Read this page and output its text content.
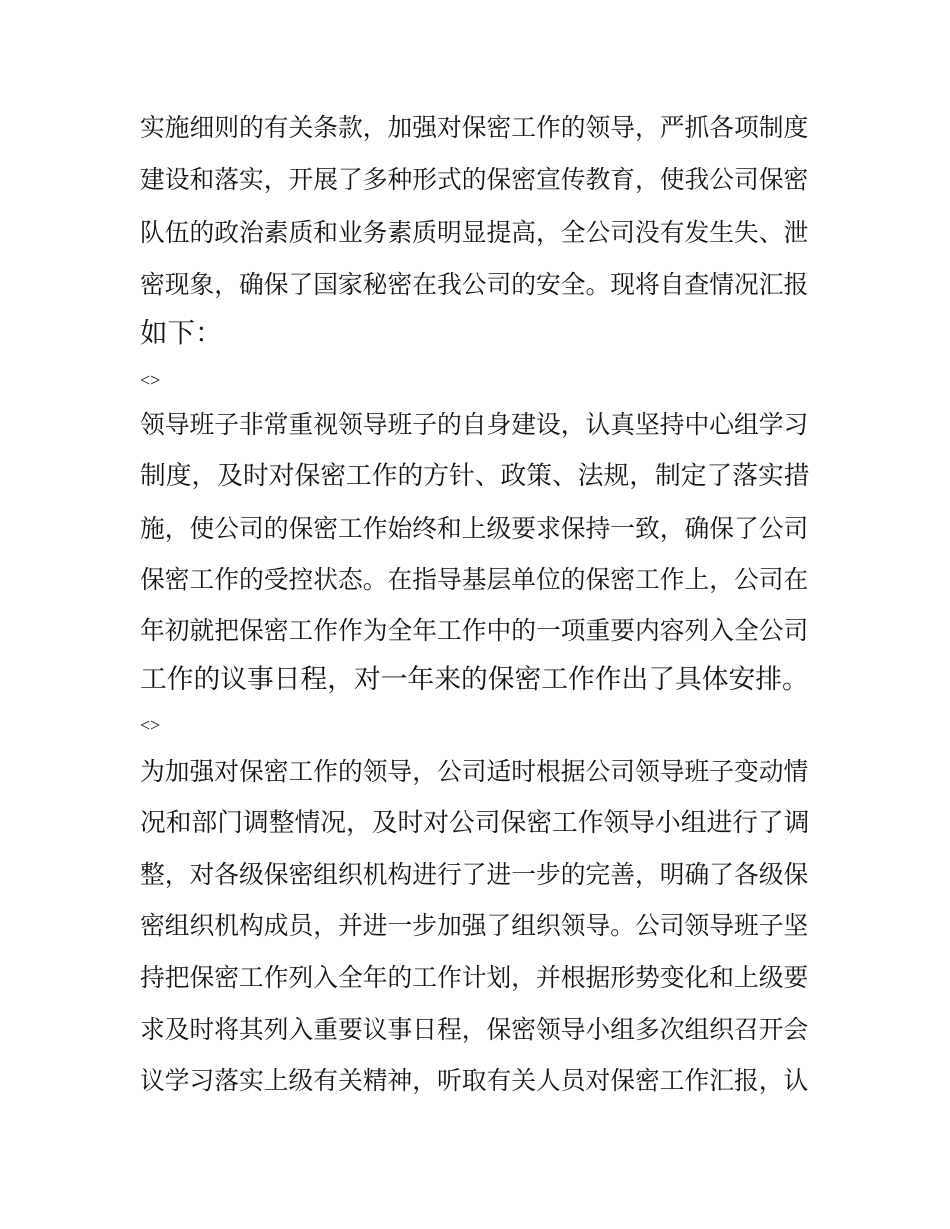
实施细则的有关条款，加强对保密工作的领导，严抓各项制度
建设和落实，开展了多种形式的保密宣传教育，使我公司保密
队伍的政治素质和业务素质明显提高，全公司没有发生失、泄
密现象，确保了国家秘密在我公司的安全。现将自查情况汇报
如下：
<>
领导班子非常重视领导班子的自身建设，认真坚持中心组学习
制度，及时对保密工作的方针、政策、法规，制定了落实措
施，使公司的保密工作始终和上级要求保持一致，确保了公司
保密工作的受控状态。在指导基层单位的保密工作上，公司在
年初就把保密工作作为全年工作中的一项重要内容列入全公司
工作的议事日程，对一年来的保密工作作出了具体安排。
<>
为加强对保密工作的领导，公司适时根据公司领导班子变动情
况和部门调整情况，及时对公司保密工作领导小组进行了调
整，对各级保密组织机构进行了进一步的完善，明确了各级保
密组织机构成员，并进一步加强了组织领导。公司领导班子坚
持把保密工作列入全年的工作计划，并根据形势变化和上级要
求及时将其列入重要议事日程，保密领导小组多次组织召开会
议学习落实上级有关精神，听取有关人员对保密工作汇报，认
